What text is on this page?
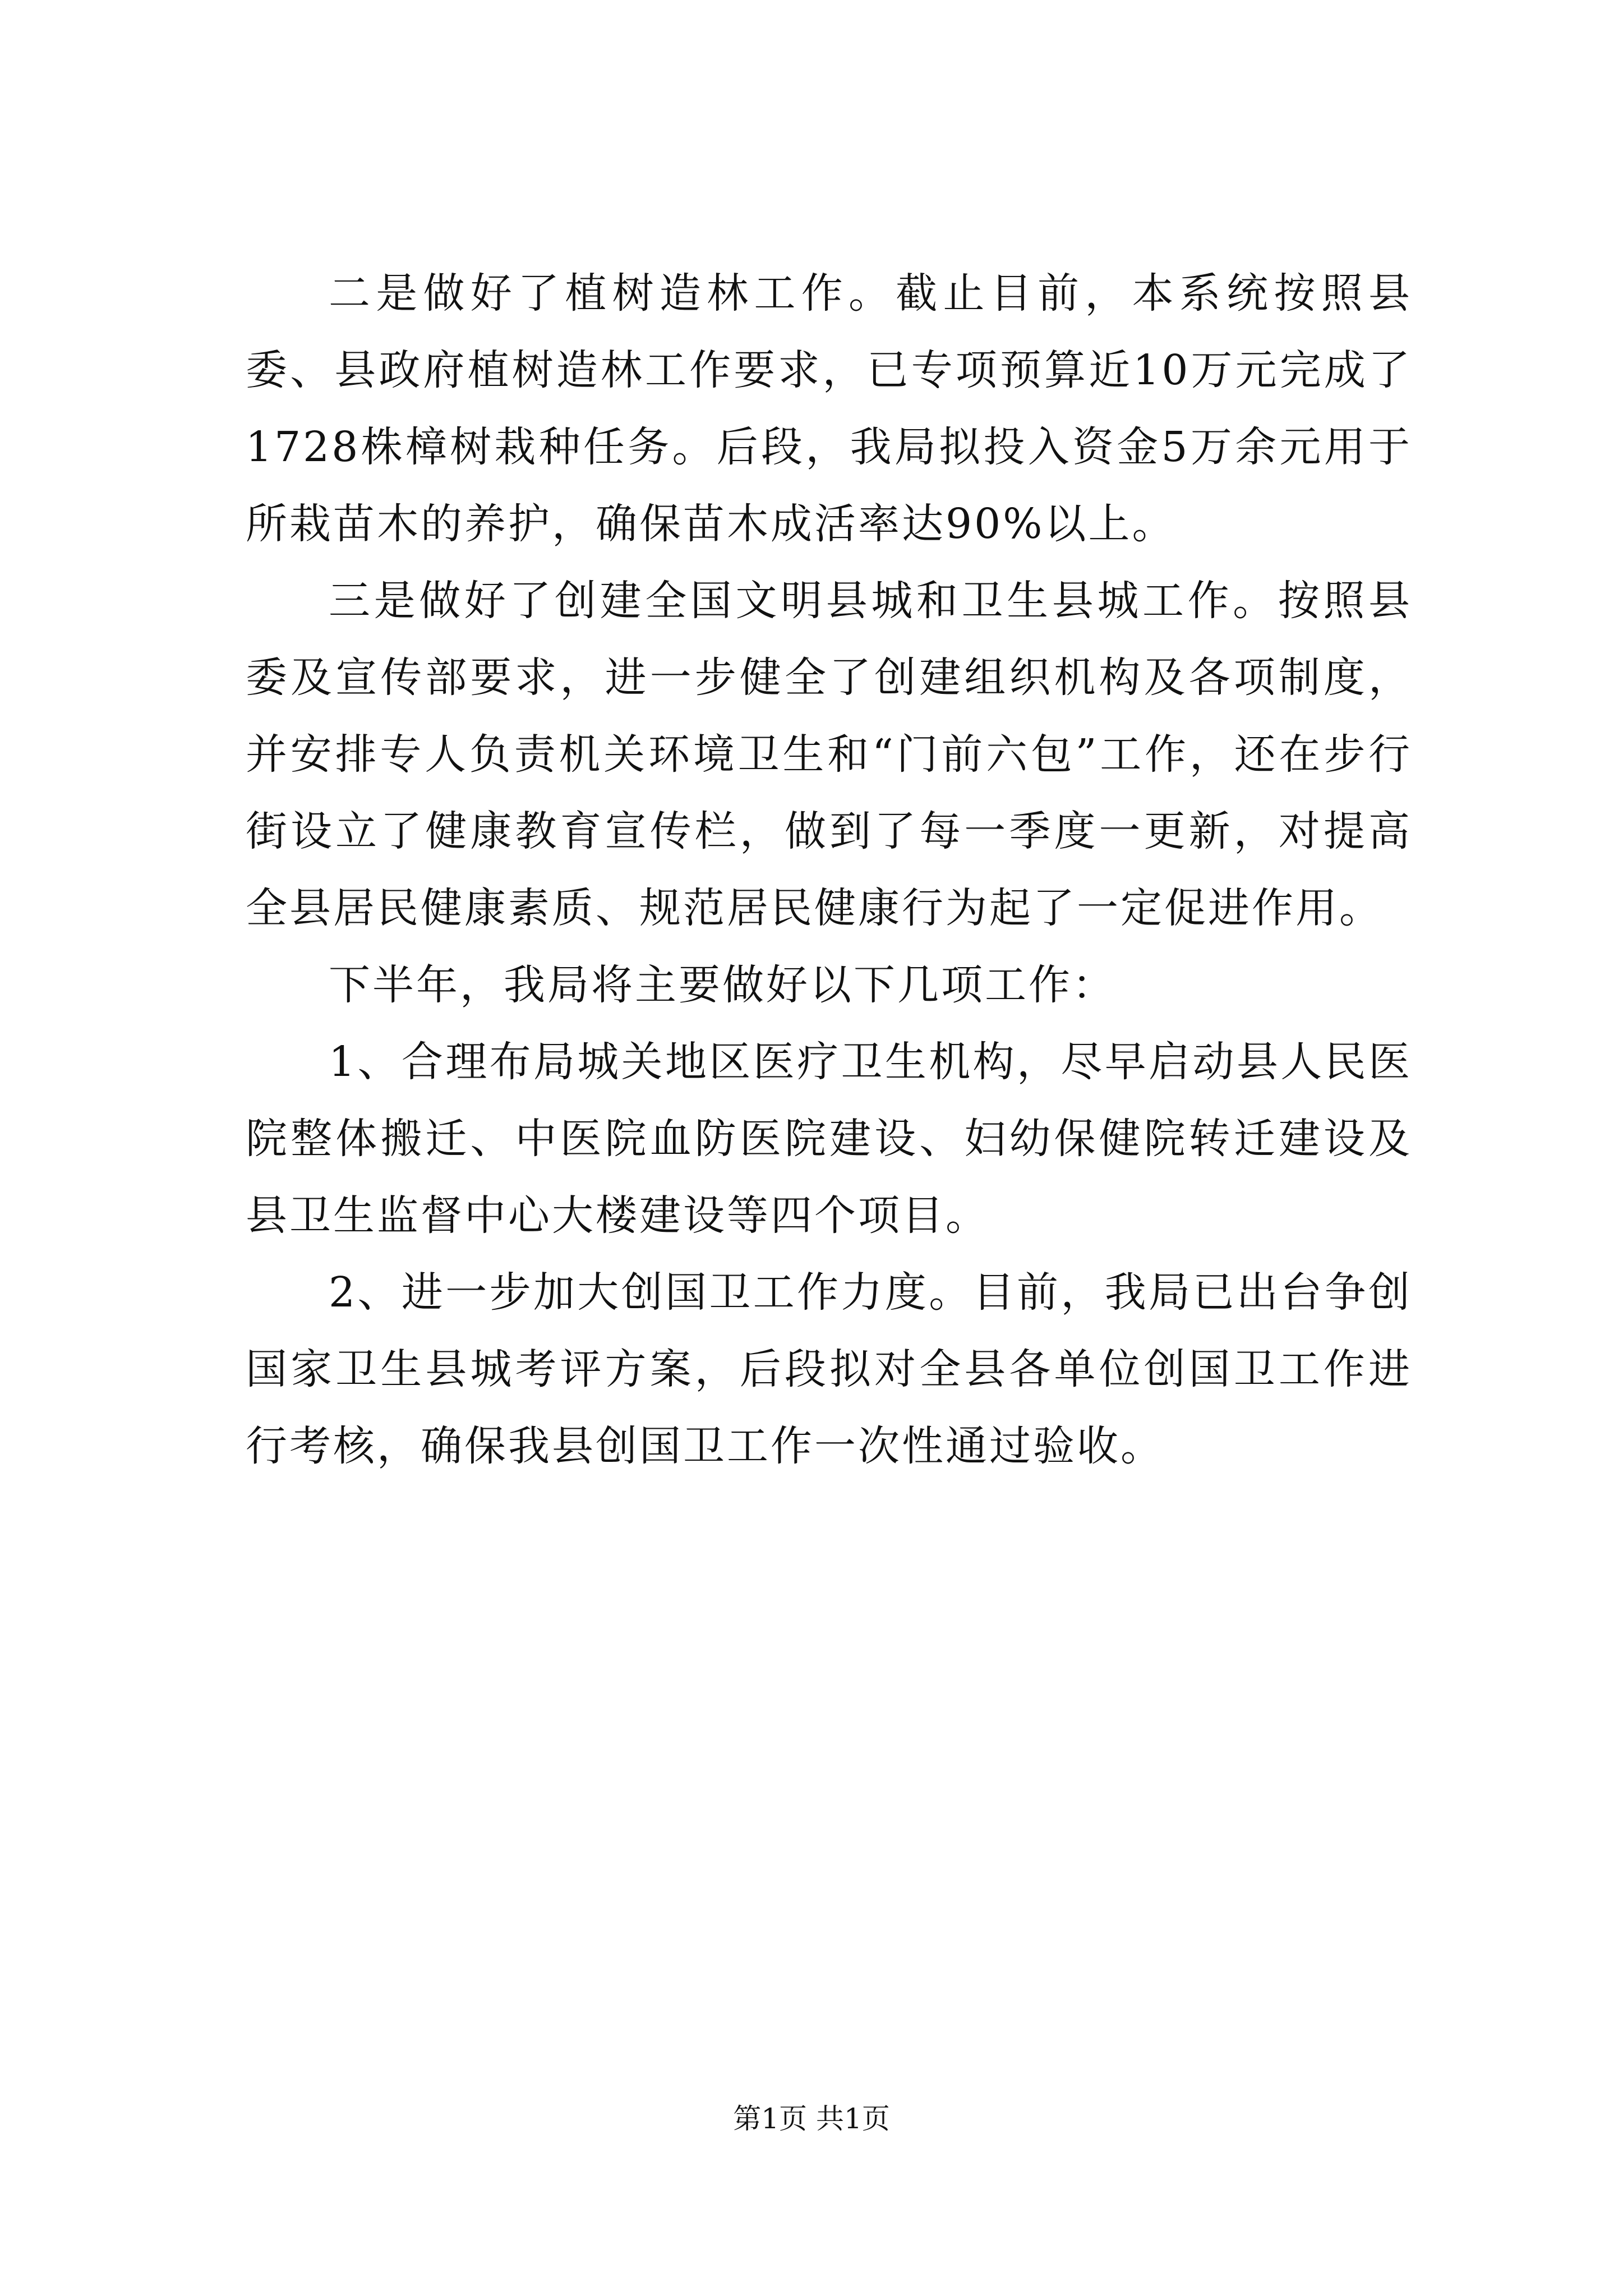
二是做好了植树造林工作。截止目前，本系统按照县委、县政府植树造林工作要求，已专项预算近10万元完成了1728株樟树栽种任务。后段，我局拟投入资金5万余元用于所栽苗木的养护，确保苗木成活率达90%以上。

三是做好了创建全国文明县城和卫生县城工作。按照县委及宣传部要求，进一步健全了创建组织机构及各项制度，并安排专人负责机关环境卫生和“门前六包”工作，还在步行街设立了健康教育宣传栏，做到了每一季度一更新，对提高全县居民健康素质、规范居民健康行为起了一定促进作用。

下半年，我局将主要做好以下几项工作：

1、合理布局城关地区医疗卫生机构，尽早启动县人民医院整体搬迁、中医院血防医院建设、妇幼保健院转迁建设及县卫生监督中心大楼建设等四个项目。

2、进一步加大创国卫工作力度。目前，我局已出台争创国家卫生县城考评方案，后段拟对全县各单位创国卫工作进行考核，确保我县创国卫工作一次性通过验收。

第1页 共1页
